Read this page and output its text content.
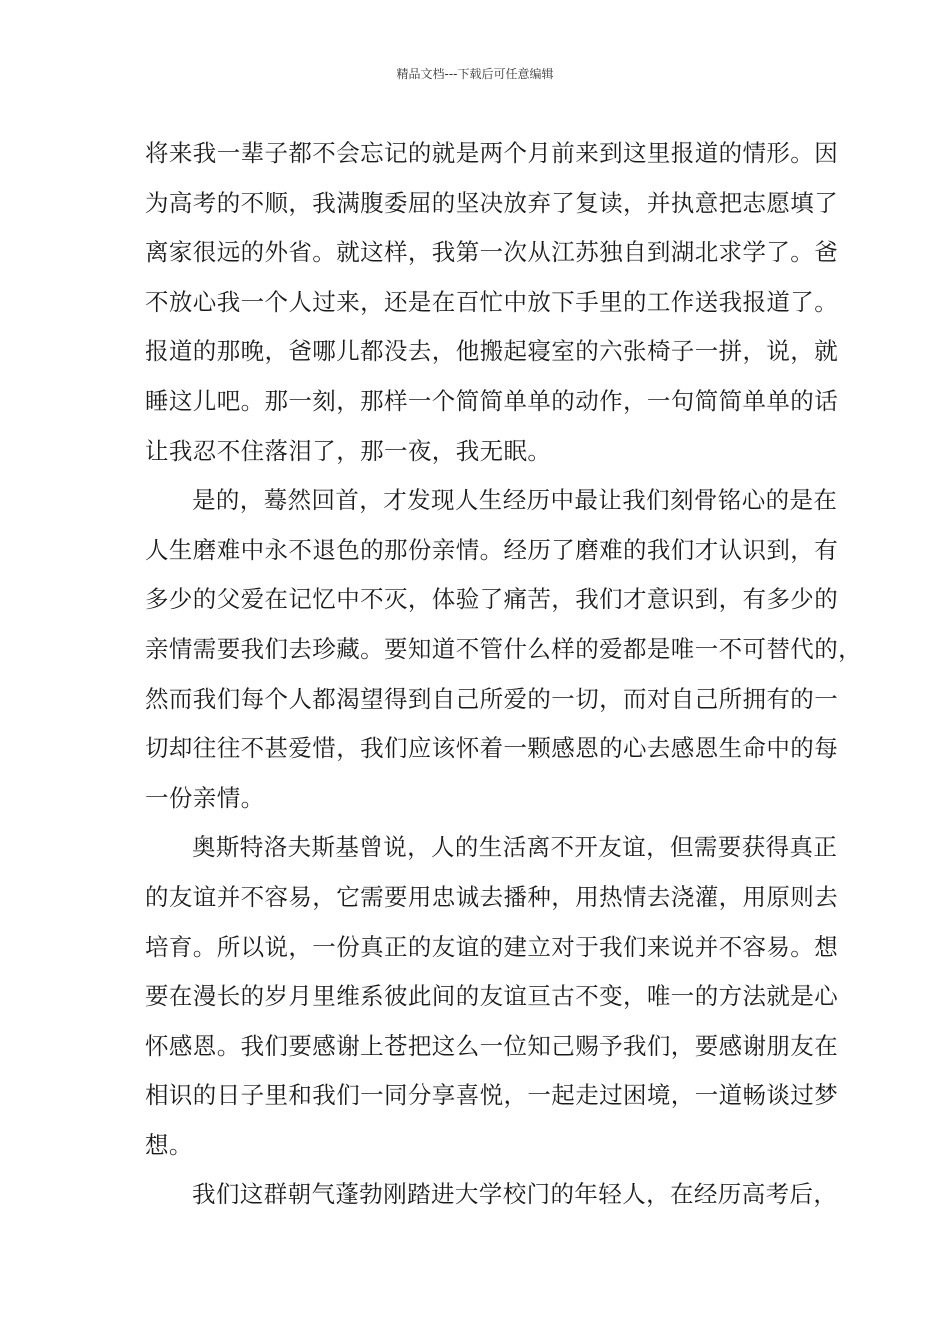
精品文档---下载后可任意编辑
将来我一辈子都不会忘记的就是两个月前来到这里报道的情形。因
为高考的不顺，我满腹委屈的坚决放弃了复读，并执意把志愿填了
离家很远的外省。就这样，我第一次从江苏独自到湖北求学了。爸
不放心我一个人过来，还是在百忙中放下手里的工作送我报道了。
报道的那晚，爸哪儿都没去，他搬起寝室的六张椅子一拼，说，就
睡这儿吧。那一刻，那样一个简简单单的动作，一句简简单单的话
让我忍不住落泪了，那一夜，我无眠。
是的，蓦然回首，才发现人生经历中最让我们刻骨铭心的是在
人生磨难中永不退色的那份亲情。经历了磨难的我们才认识到，有
多少的父爱在记忆中不灭，体验了痛苦，我们才意识到，有多少的
亲情需要我们去珍藏。要知道不管什么样的爱都是唯一不可替代的，
然而我们每个人都渴望得到自己所爱的一切，而对自己所拥有的一
切却往往不甚爱惜，我们应该怀着一颗感恩的心去感恩生命中的每
一份亲情。
奥斯特洛夫斯基曾说，人的生活离不开友谊，但需要获得真正
的友谊并不容易，它需要用忠诚去播种，用热情去浇灌，用原则去
培育。所以说，一份真正的友谊的建立对于我们来说并不容易。想
要在漫长的岁月里维系彼此间的友谊亘古不变，唯一的方法就是心
怀感恩。我们要感谢上苍把这么一位知己赐予我们，要感谢朋友在
相识的日子里和我们一同分享喜悦，一起走过困境，一道畅谈过梦
想。
我们这群朝气蓬勃刚踏进大学校门的年轻人，在经历高考后，
